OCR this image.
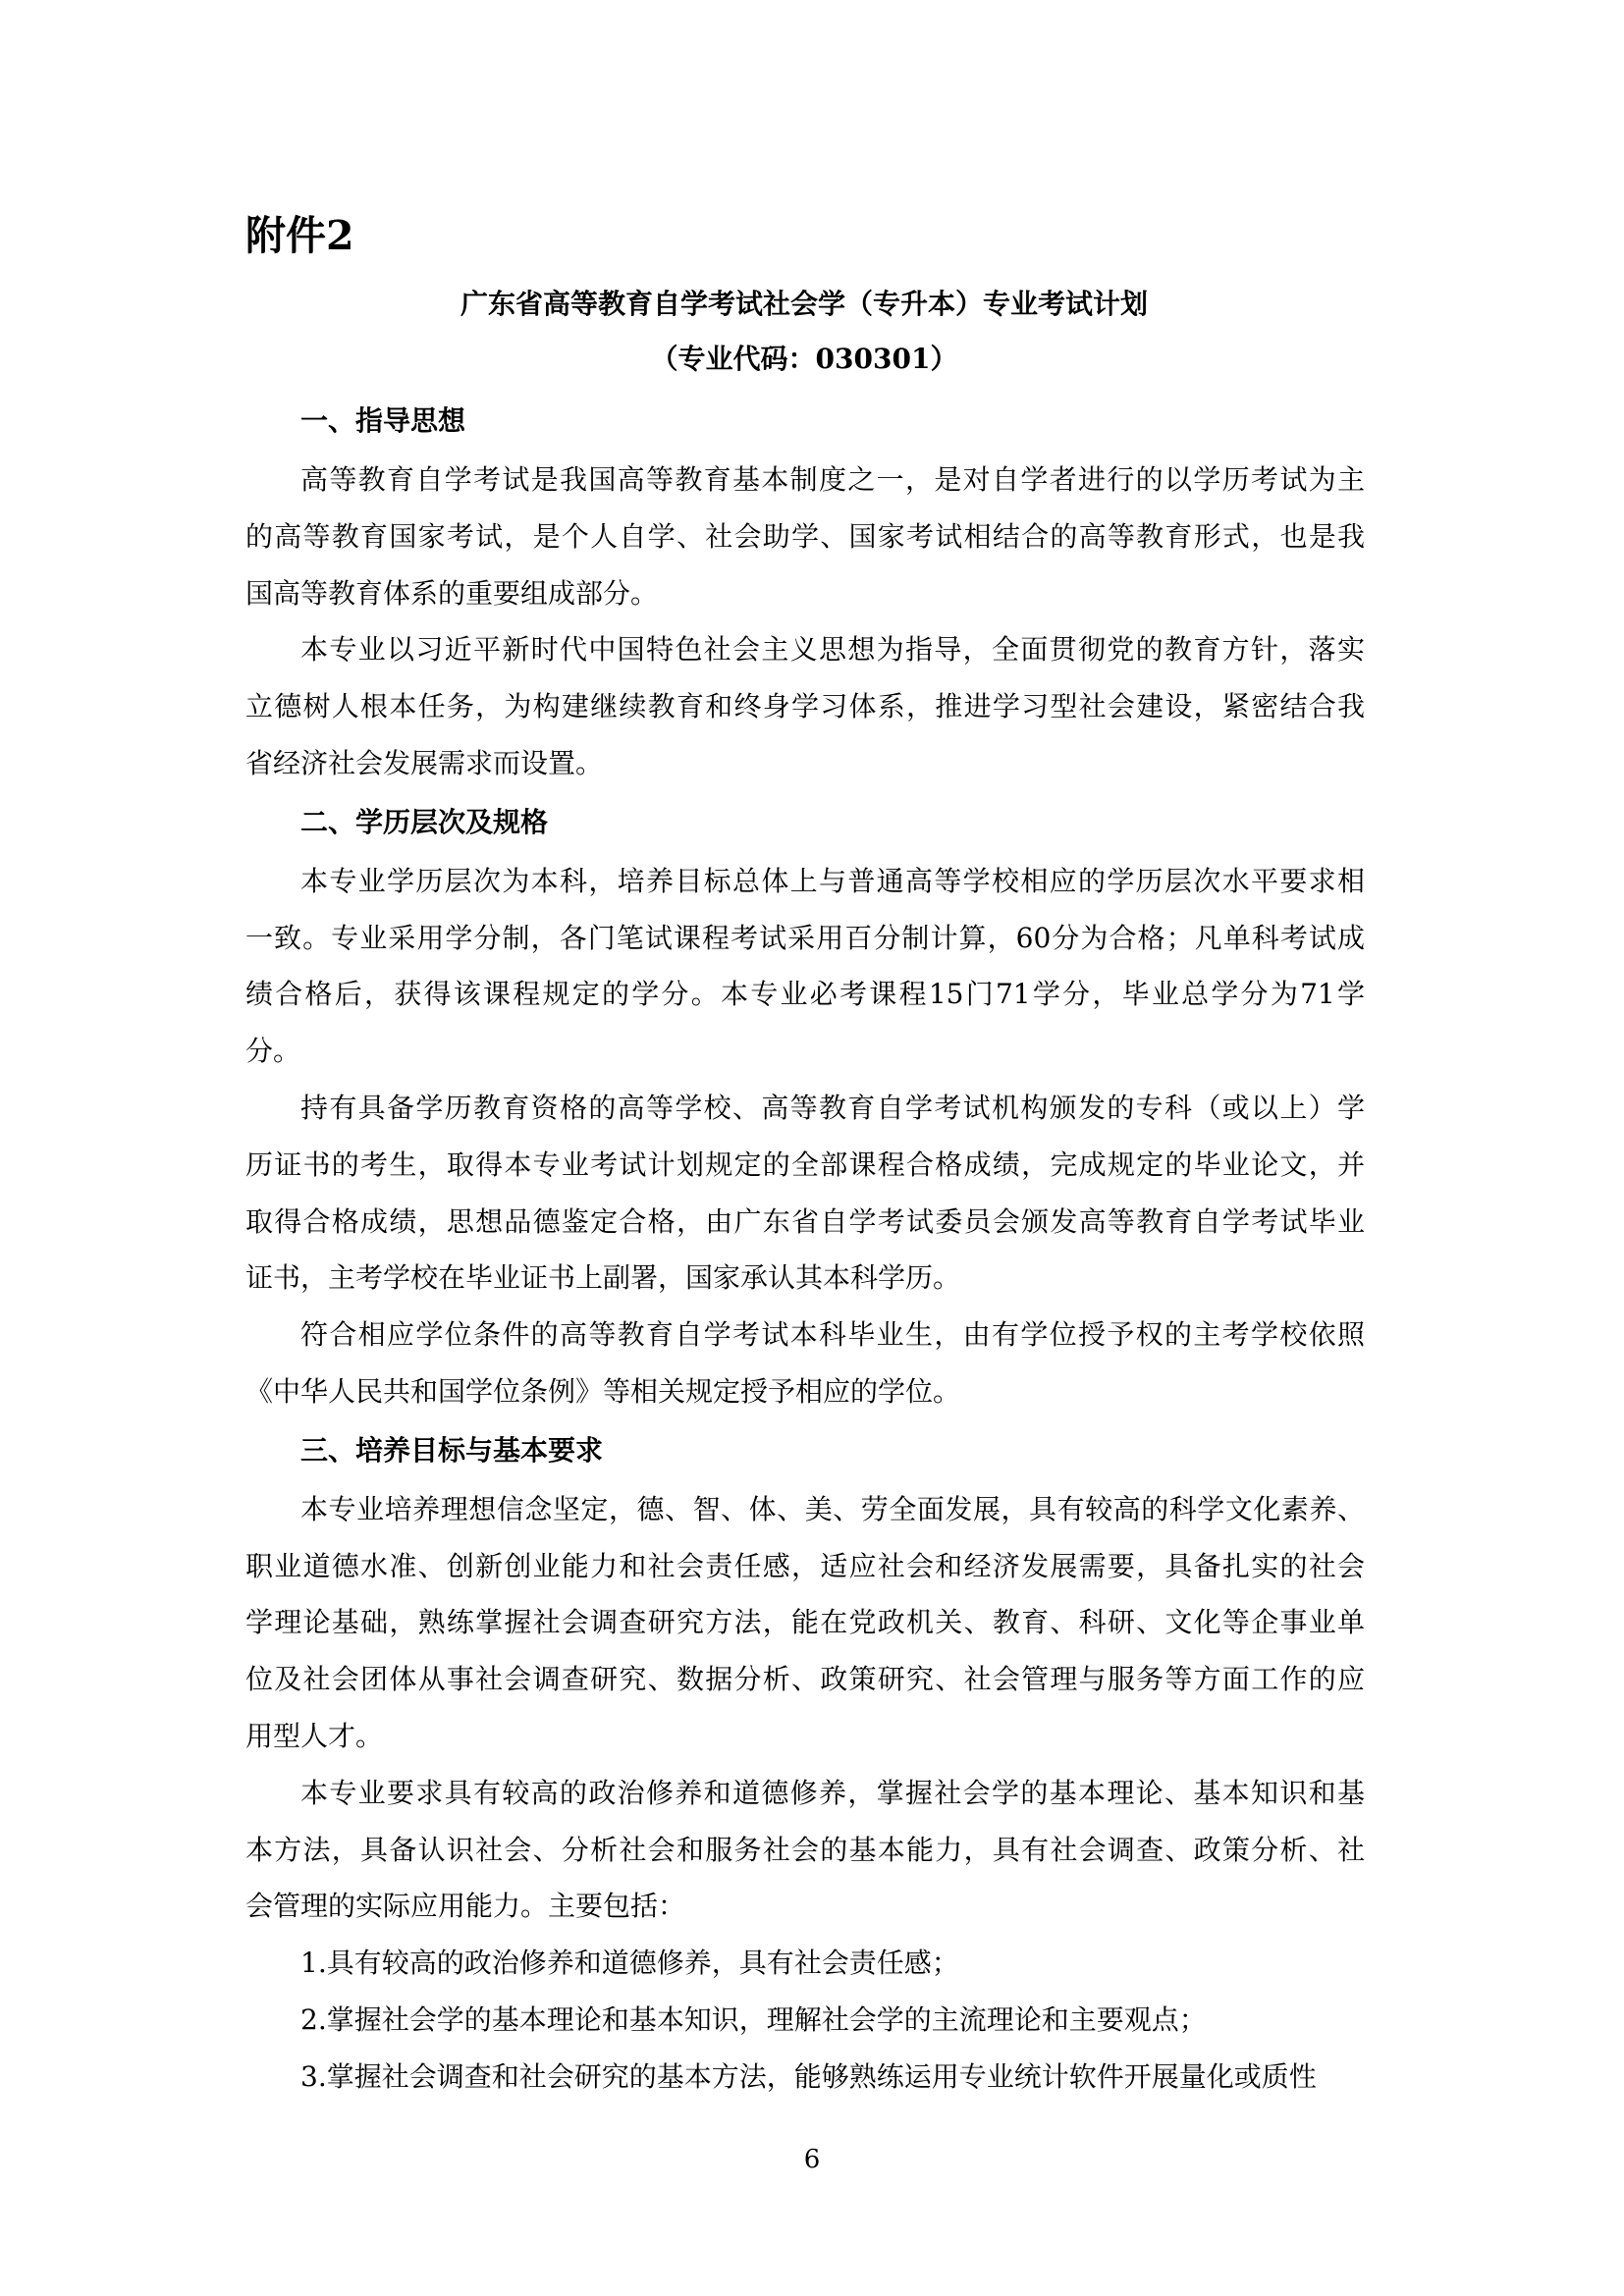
附件2
广东省高等教育自学考试社会学（专升本）专业考试计划
（专业代码：030301）
一、指导思想
高等教育自学考试是我国高等教育基本制度之一，是对自学者进行的以学历考试为主
的高等教育国家考试，是个人自学、社会助学、国家考试相结合的高等教育形式，也是我
国高等教育体系的重要组成部分。
本专业以习近平新时代中国特色社会主义思想为指导，全面贯彻党的教育方针，落实
立德树人根本任务，为构建继续教育和终身学习体系，推进学习型社会建设，紧密结合我
省经济社会发展需求而设置。
二、学历层次及规格
本专业学历层次为本科，培养目标总体上与普通高等学校相应的学历层次水平要求相
一致。专业采用学分制，各门笔试课程考试采用百分制计算，60分为合格；凡单科考试成
绩合格后，获得该课程规定的学分。本专业必考课程15门71学分，毕业总学分为71学
分。
持有具备学历教育资格的高等学校、高等教育自学考试机构颁发的专科（或以上）学
历证书的考生，取得本专业考试计划规定的全部课程合格成绩，完成规定的毕业论文，并
取得合格成绩，思想品德鉴定合格，由广东省自学考试委员会颁发高等教育自学考试毕业
证书，主考学校在毕业证书上副署，国家承认其本科学历。
符合相应学位条件的高等教育自学考试本科毕业生，由有学位授予权的主考学校依照
《中华人民共和国学位条例》等相关规定授予相应的学位。
三、培养目标与基本要求
本专业培养理想信念坚定，德、智、体、美、劳全面发展，具有较高的科学文化素养、
职业道德水准、创新创业能力和社会责任感，适应社会和经济发展需要，具备扎实的社会
学理论基础，熟练掌握社会调查研究方法，能在党政机关、教育、科研、文化等企事业单
位及社会团体从事社会调查研究、数据分析、政策研究、社会管理与服务等方面工作的应
用型人才。
本专业要求具有较高的政治修养和道德修养，掌握社会学的基本理论、基本知识和基
本方法，具备认识社会、分析社会和服务社会的基本能力，具有社会调查、政策分析、社
会管理的实际应用能力。主要包括：
1.具有较高的政治修养和道德修养，具有社会责任感；
2.掌握社会学的基本理论和基本知识，理解社会学的主流理论和主要观点；
3.掌握社会调查和社会研究的基本方法，能够熟练运用专业统计软件开展量化或质性
6
